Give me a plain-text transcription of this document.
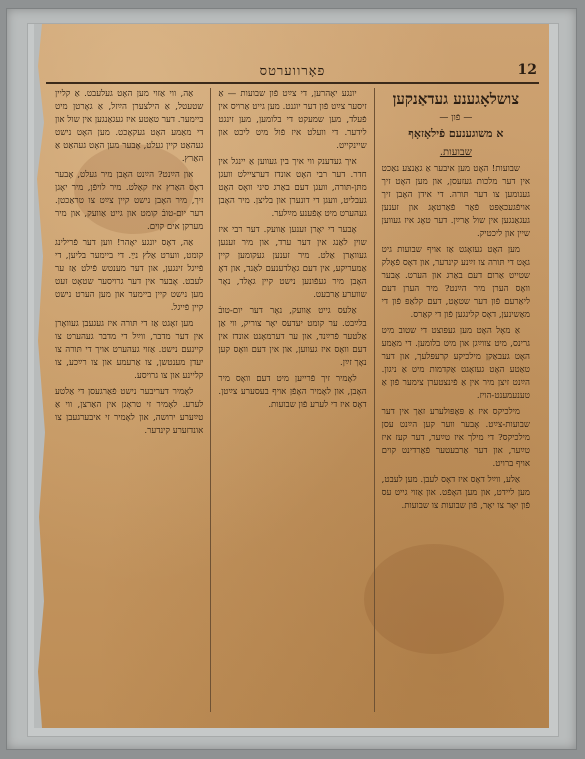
12
פאָרווערטס
צושלאָגענע געדאַנקען
— פֿון —
א משוגענעם פֿילאָזאָף
שבועות.

שבועות! האָט מען איבער אַ גאַנצע נאַכט אין דער מלכות געזעסן, און מען האָט זיך גענומען צו דער תּורה. די אידן האָבן זיך אויפֿגעכאַפּט פֿאַר פֿאַרטאָג און זענען געגאַנגען אין שול אַרײַן. דער טאָג איז געווען שיין און ליכטיק.

מען האָט געזאָגט אַז אויף שבועות גיט גאָט די תּורה צו זײַנע קינדער, און דאָס פֿאָלק שטייט אַרום דעם באַרג און הערט. אָבער וואָס הערן מיר הײַנט? מיר הערן דעם ליאַרעם פֿון דער שטאָט, דעם קלאַפּ פֿון די מאַשינען, דאָס קלינגען פֿון די קאַרס.

אַ מאָל האָט מען געפּוצט די שטוב מיט גרינס, מיט צווײַגן און מיט בלומען. די מאַמע האָט געבאַקן מילכיקע קרעפּלעך, און דער טאַטע האָט געזאָגט אַקדמות מיט אַ ניגון. הײַנט זיצן מיר אין אַ פֿינצטערן צימער פֿון אַ טענעמענט-הויז.

מילכיקס איז אַ פּאָפּולערע זאַך אין דער שבועות-צײַט. אָבער ווער קען הײַנט עסן מילכיקס? די מילך איז טײַער, דער קעז איז טײַער, און דער אַרבעטער פֿאַרדינט קוים אויף ברויט.

אַלע, ווײַל דאָס איז דאָס לעבן. מען לעבט, מען ליידט, און מען האָפֿט. און אַזוי גייט עס פֿון יאָר צו יאָר, פֿון שבועות צו שבועות.

יונגע יאָהרען, די צײַט פֿון שבועות — אַ זיסער צײַט פֿון דער יוגנט. מען גייט אַרויס אין פֿעלד, מען שמעקט די בלומען, מען זינגט לידער. די וועלט איז פֿול מיט ליכט און שיינקייט.

איך געדענק ווי איך בין געווען אַ יינגל אין חדר. דער רבי האָט אונדז דערציילט וועגן מתּן-תּורה, וועגן דעם באַרג סיני וואָס האָט געבליט, וועגן די דונערן און בליצן. מיר האָבן געהערט מיט אָפֿענע מײַלער.

אָבער די יאָרן זענען אַוועק. דער רבי איז שוין לאַנג אין דער ערד, און מיר זענען געוואָרן אַלט. מיר זענען געקומען קיין אַמעריקע, אין דעם גאָלדענעם לאַנד, און דאָ האָבן מיר געפֿונען נישט קיין גאָלד, נאָר שווערע אַרבעט.

אַלעס גייט אַוועק, נאָר דער יום-טובֿ בלײַבט. ער קומט יעדעס יאָר צוריק, ווי אַן אַלטער פֿרײַנד, און ער דערמאָנט אונדז אין דעם וואָס איז געווען, און אין דעם וואָס קען נאָך זײַן.

לאָמיר זיך פֿרייען מיט דעם וואָס מיר האָבן, און לאָמיר האָפֿן אויף בעסערע צײַטן. דאָס איז די לערע פֿון שבועות.

אַה, ווי אַזוי מען האָט געלעבט. אַ קליין שטעטל, אַ הילצערן הײַזל, אַ גאָרטן מיט ביימער. דער טאַטע איז געגאַנגען אין שול און די מאַמע האָט געקאָכט. מען האָט נישט געהאַט קיין געלט, אָבער מען האָט געהאַט אַ האַרץ.

און הײַנט? הײַנט האָבן מיר געלט, אָבער דאָס האַרץ איז קאַלט. מיר לויפֿן, מיר יאָגן זיך, מיר האָבן נישט קיין צײַט צו טראַכטן. דער יום-טובֿ קומט און גייט אַוועק, און מיר מערקן אים קוים.

אַה, דאָס יונגע יאָהר! ווען דער פֿרילינג קומט, ווערט אַלץ נײַ. די ביימער בליען, די פֿייגל זינגען, און דער מענטש פֿילט אַז ער לעבט. אָבער אין דער גרויסער שטאָט זעט מען נישט קיין ביימער און מען הערט נישט קיין פֿייגל.

מען זאָגט אַז די תּורה איז געגעבן געוואָרן אין דער מדבר, ווײַל די מדבר געהערט צו קיינעם נישט. אַזוי געהערט אויך די תּורה צו יעדן מענטשן, צו אַרעמע און צו רײַכע, צו קליינע און צו גרויסע.

לאָמיר דעריבער נישט פֿאַרגעסן די אַלטע לערע. לאָמיר זי טראָגן אין האַרצן, ווי אַ טײַערע ירושה, און לאָמיר זי איבערגעבן צו אונדזערע קינדער.
